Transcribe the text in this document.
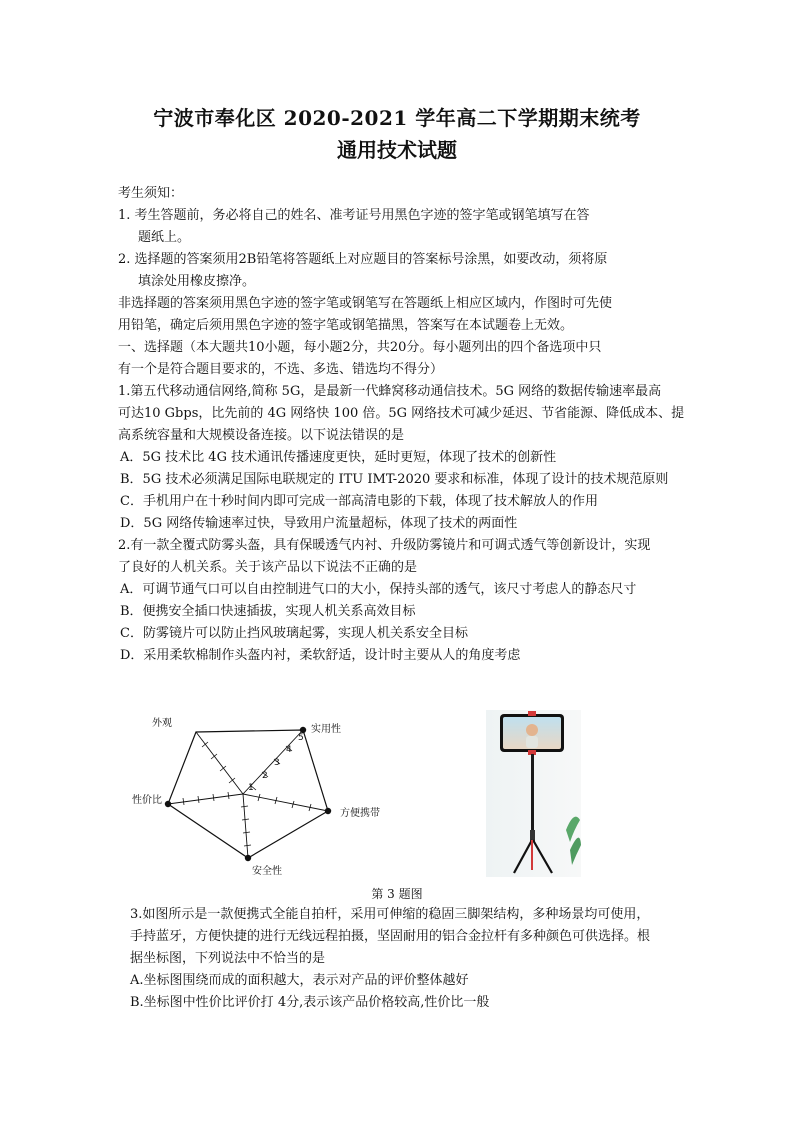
宁波市奉化区 2020-2021 学年高二下学期期末统考
通用技术试题
考生须知：
1. 考生答题前，务必将自己的姓名、准考证号用黑色字迹的签字笔或钢笔填写在答
题纸上。
2. 选择题的答案须用2B铅笔将答题纸上对应题目的答案标号涂黑，如要改动，须将原
填涂处用橡皮擦净。
非选择题的答案须用黑色字迹的签字笔或钢笔写在答题纸上相应区域内，作图时可先使
用铅笔，确定后须用黑色字迹的签字笔或钢笔描黑，答案写在本试题卷上无效。
一、选择题（本大题共10小题，每小题2分，共20分。每小题列出的四个备选项中只
有一个是符合题目要求的，不选、多选、错选均不得分）
1.第五代移动通信网络,简称 5G，是最新一代蜂窝移动通信技术。5G 网络的数据传输速率最高
可达10 Gbps，比先前的 4G 网络快 100 倍。5G 网络技术可减少延迟、节省能源、降低成本、提
高系统容量和大规模设备连接。以下说法错误的是
A．5G 技术比 4G 技术通讯传播速度更快，延时更短，体现了技术的创新性
B．5G 技术必须满足国际电联规定的 ITU IMT-2020 要求和标准，体现了设计的技术规范原则
C．手机用户在十秒时间内即可完成一部高清电影的下载，体现了技术解放人的作用
D．5G 网络传输速率过快，导致用户流量超标，体现了技术的两面性
2.有一款全覆式防雾头盔，具有保暖透气内衬、升级防雾镜片和可调式透气等创新设计，实现
了良好的人机关系。关于该产品以下说法不正确的是
A．可调节通气口可以自由控制进气口的大小，保持头部的透气，该尺寸考虑人的静态尺寸
B．便携安全插口快速插拔，实现人机关系高效目标
C．防雾镜片可以防止挡风玻璃起雾，实现人机关系安全目标
D．采用柔软棉制作头盔内衬，柔软舒适，设计时主要从人的角度考虑
1
2
3
4
5
外观
实用性
方便携带
安全性
性价比
第 3 题图
3.如图所示是一款便携式全能自拍杆，采用可伸缩的稳固三脚架结构，多种场景均可使用，
手持蓝牙，方便快捷的进行无线远程拍摄，坚固耐用的铝合金拉杆有多种颜色可供选择。根
据坐标图，下列说法中不恰当的是
A.坐标图围绕而成的面积越大，表示对产品的评价整体越好
B.坐标图中性价比评价打 4分,表示该产品价格较高,性价比一般
